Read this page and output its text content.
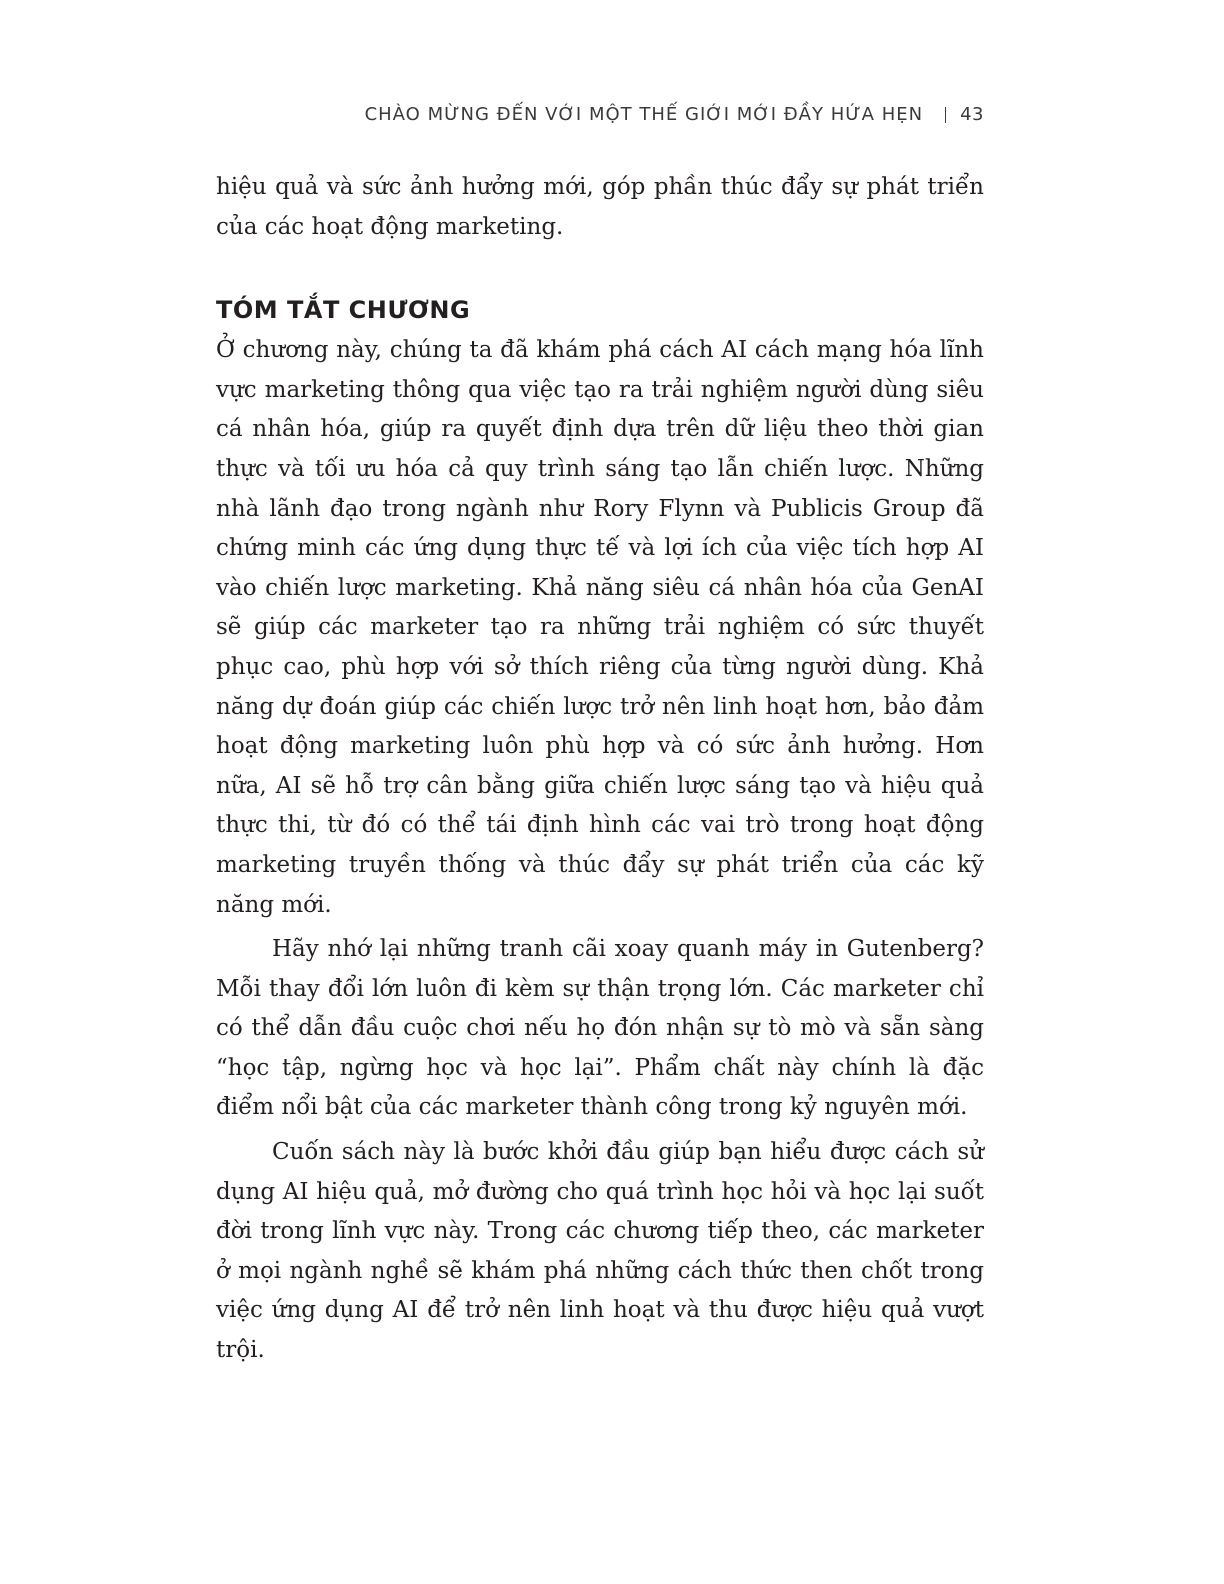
CHÀO MỪNG ĐẾN VỚI MỘT THẾ GIỚI MỚI ĐẦY HỨA HẸN 43

hiệu quả và sức ảnh hưởng mới, góp phần thúc đẩy sự phát triển của các hoạt động marketing.

TÓM TẮT CHƯƠNG

Ở chương này, chúng ta đã khám phá cách AI cách mạng hóa lĩnh vực marketing thông qua việc tạo ra trải nghiệm người dùng siêu cá nhân hóa, giúp ra quyết định dựa trên dữ liệu theo thời gian thực và tối ưu hóa cả quy trình sáng tạo lẫn chiến lược. Những nhà lãnh đạo trong ngành như Rory Flynn và Publicis Group đã chứng minh các ứng dụng thực tế và lợi ích của việc tích hợp AI vào chiến lược marketing. Khả năng siêu cá nhân hóa của GenAI sẽ giúp các marketer tạo ra những trải nghiệm có sức thuyết phục cao, phù hợp với sở thích riêng của từng người dùng. Khả năng dự đoán giúp các chiến lược trở nên linh hoạt hơn, bảo đảm hoạt động marketing luôn phù hợp và có sức ảnh hưởng. Hơn nữa, AI sẽ hỗ trợ cân bằng giữa chiến lược sáng tạo và hiệu quả thực thi, từ đó có thể tái định hình các vai trò trong hoạt động marketing truyền thống và thúc đẩy sự phát triển của các kỹ năng mới.

Hãy nhớ lại những tranh cãi xoay quanh máy in Gutenberg? Mỗi thay đổi lớn luôn đi kèm sự thận trọng lớn. Các marketer chỉ có thể dẫn đầu cuộc chơi nếu họ đón nhận sự tò mò và sẵn sàng “học tập, ngừng học và học lại”. Phẩm chất này chính là đặc điểm nổi bật của các marketer thành công trong kỷ nguyên mới.

Cuốn sách này là bước khởi đầu giúp bạn hiểu được cách sử dụng AI hiệu quả, mở đường cho quá trình học hỏi và học lại suốt đời trong lĩnh vực này. Trong các chương tiếp theo, các marketer ở mọi ngành nghề sẽ khám phá những cách thức then chốt trong việc ứng dụng AI để trở nên linh hoạt và thu được hiệu quả vượt trội.
